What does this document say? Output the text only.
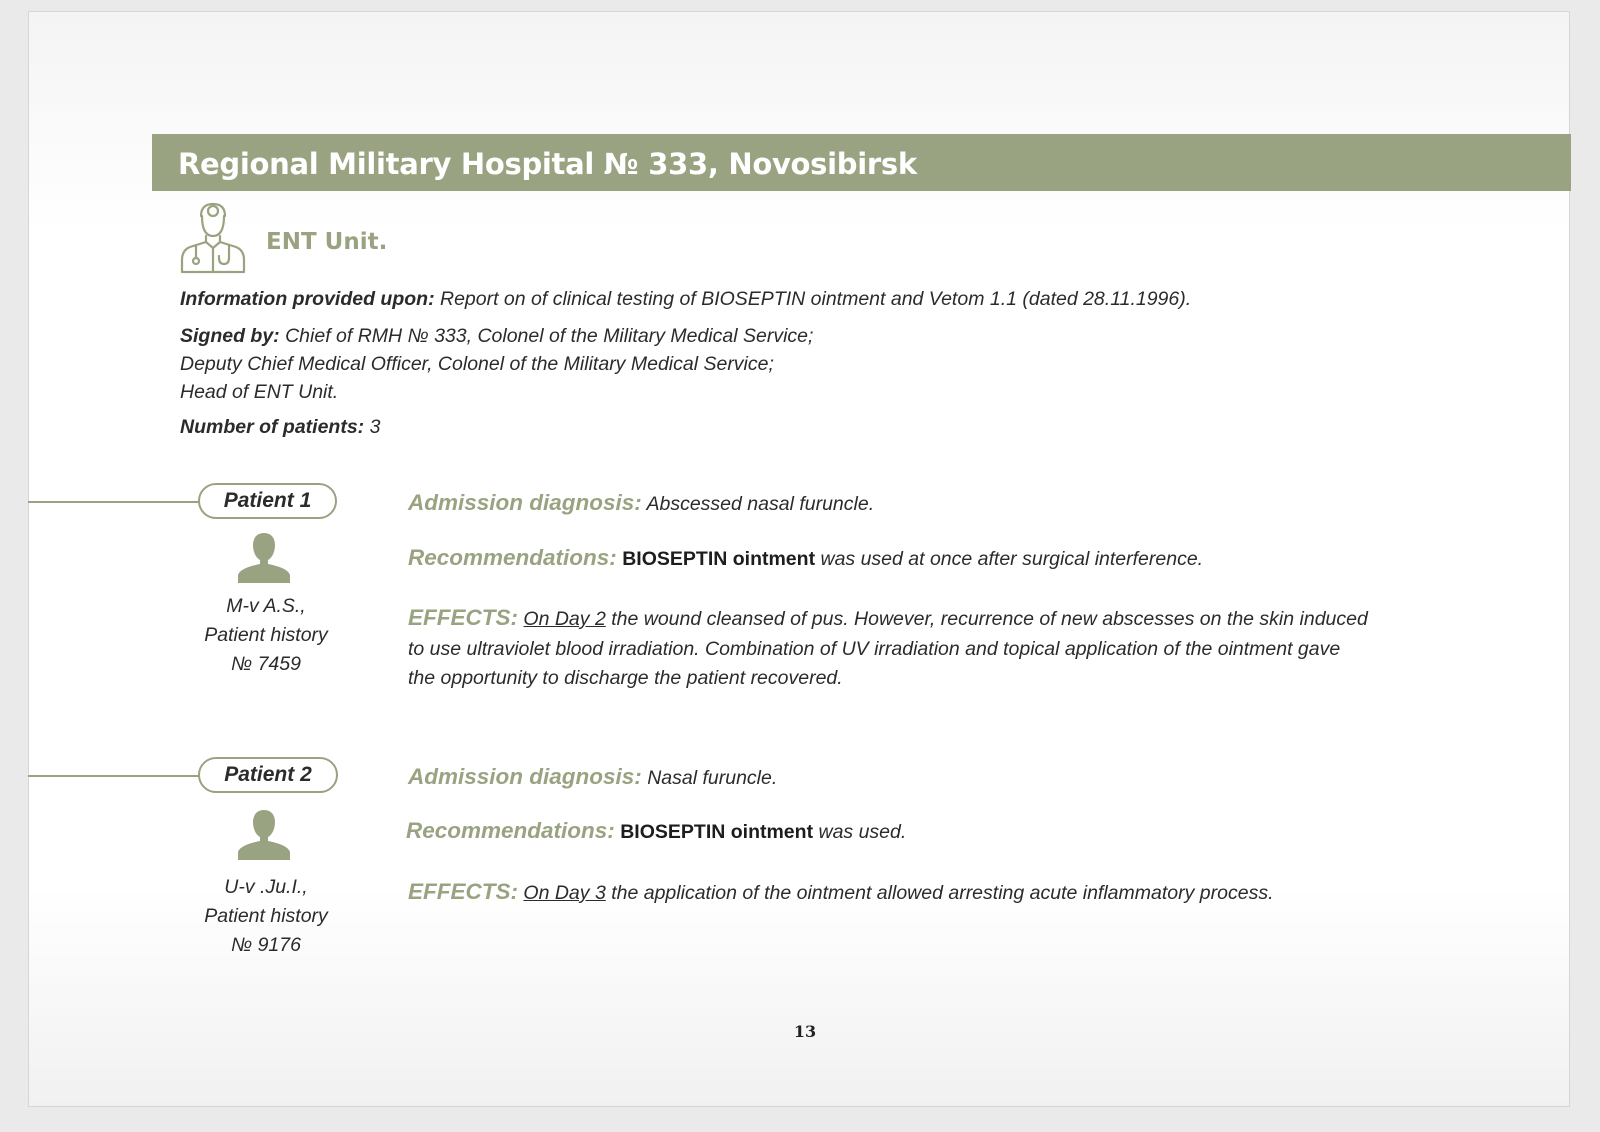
Regional Military Hospital № 333, Novosibirsk
ENT Unit.
Information provided upon: Report on of clinical testing of BIOSEPTIN ointment and Vetom 1.1 (dated 28.11.1996).
Signed by: Chief of RMH № 333, Colonel of the Military Medical Service;
Deputy Chief Medical Officer, Colonel of the Military Medical Service;
Head of ENT Unit.
Number of patients: 3
Patient 1
M-v A.S.,
Patient history
№ 7459
Admission diagnosis: Abscessed nasal furuncle.
Recommendations: BIOSEPTIN ointment was used at once after surgical interference.
EFFECTS: On Day 2 the wound cleansed of pus. However, recurrence of new abscesses on the skin induced
to use ultraviolet blood irradiation. Combination of UV irradiation and topical application of the ointment gave
the opportunity to discharge the patient recovered.
Patient 2
U-v .Ju.I.,
Patient history
№ 9176
Admission diagnosis: Nasal furuncle.
Recommendations: BIOSEPTIN ointment was used.
EFFECTS: On Day 3 the application of the ointment allowed arresting acute inflammatory process.
13
